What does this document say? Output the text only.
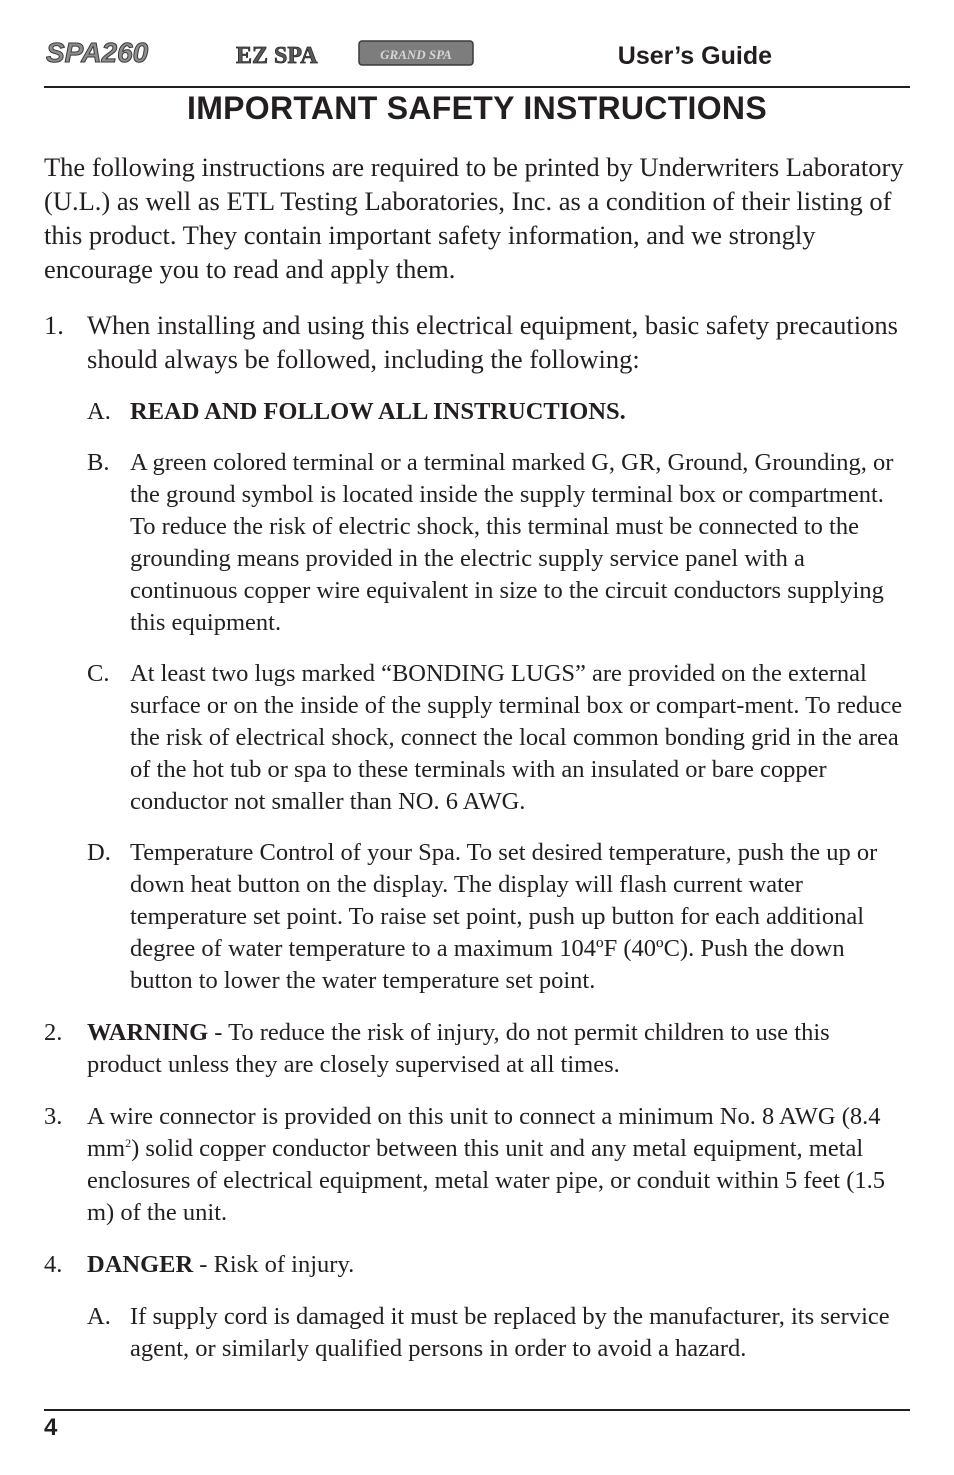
SPA260	EZ SPA	GRAND SPA	User’s Guide
IMPORTANT SAFETY INSTRUCTIONS

The following instructions are required to be printed by Underwriters Laboratory (U.L.) as well as ETL Testing Laboratories, Inc. as a condition of their listing of this product. They contain important safety information, and we strongly encourage you to read and apply them.

1. When installing and using this electrical equipment, basic safety precautions should always be followed, including the following:
A. READ AND FOLLOW ALL INSTRUCTIONS.
B. A green colored terminal or a terminal marked G, GR, Ground, Grounding, or the ground symbol is located inside the supply terminal box or compartment. To reduce the risk of electric shock, this terminal must be connected to the grounding means provided in the electric supply service panel with a continuous copper wire equivalent in size to the circuit conductors supplying this equipment.
C. At least two lugs marked “BONDING LUGS” are provided on the external surface or on the inside of the supply terminal box or compart-ment. To reduce the risk of electrical shock, connect the local common bonding grid in the area of the hot tub or spa to these terminals with an insulated or bare copper conductor not smaller than NO. 6 AWG.
D. Temperature Control of your Spa. To set desired temperature, push the up or down heat button on the display. The display will flash current water temperature set point. To raise set point, push up button for each additional degree of water temperature to a maximum 104ºF (40ºC). Push the down button to lower the water temperature set point.
2. WARNING - To reduce the risk of injury, do not permit children to use this product unless they are closely supervised at all times.
3. A wire connector is provided on this unit to connect a minimum No. 8 AWG (8.4 $mm^2$) solid copper conductor between this unit and any metal equipment, metal enclosures of electrical equipment, metal water pipe, or conduit within 5 feet (1.5 m) of the unit.
4. DANGER - Risk of injury.
A. If supply cord is damaged it must be replaced by the manufacturer, its service agent, or similarly qualified persons in order to avoid a hazard.
4
